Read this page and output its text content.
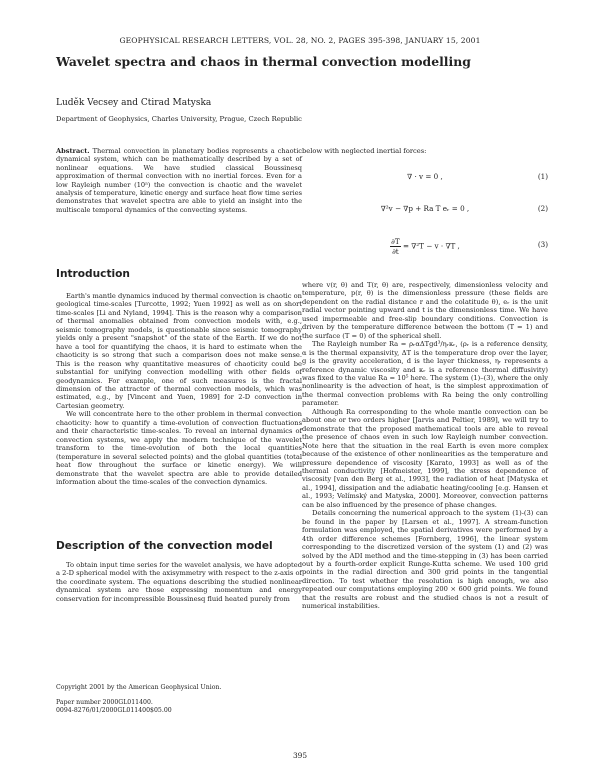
GEOPHYSICAL RESEARCH LETTERS, VOL. 28, NO. 2, PAGES 395-398, JANUARY 15, 2001
Wavelet spectra and chaos in thermal convection modelling
Luděk Vecsey and Ctirad Matyska
Department of Geophysics, Charles University, Prague, Czech Republic

Abstract. Thermal convection in planetary bodies represents a chaotic dynamical system, which can be mathematically described by a set of nonlinear equations. We have studied classical Boussinesq approximation of thermal convection with no inertial forces. Even for a low Rayleigh number (10⁵) the convection is chaotic and the wavelet analysis of temperature, kinetic energy and surface heat flow time series demonstrates that wavelet spectra are able to yield an insight into the multiscale temporal dynamics of the convecting systems.

Introduction

Earth's mantle dynamics induced by thermal convection is chaotic on geological time-scales [Turcotte, 1992; Yuen 1992] as well as on short time-scales [Li and Nyland, 1994]. This is the reason why a comparison of thermal anomalies obtained from convection models with, e.g., seismic tomography models, is questionable since seismic tomography yields only a present "snapshot" of the state of the Earth. If we do not have a tool for quantifying the chaos, it is hard to estimate when the chaoticity is so strong that such a comparison does not make sense. This is the reason why quantitative measures of chaoticity could be substantial for unifying convection modelling with other fields of geodynamics. For example, one of such measures is the fractal dimension of the attractor of thermal convection models, which was estimated, e.g., by [Vincent and Yuen, 1989] for 2-D convection in Cartesian geometry.

We will concentrate here to the other problem in thermal convection chaoticity: how to quantify a time-evolution of convection fluctuations and their characteristic time-scales. To reveal an internal dynamics of convection systems, we apply the modern technique of the wavelet transform to the time-evolution of both the local quantities (temperature in several selected points) and the global quantities (total heat flow throughout the surface or kinetic energy). We will demonstrate that the wavelet spectra are able to provide detailed information about the time-scales of the convection dynamics.

Description of the convection model

To obtain input time series for the wavelet analysis, we have adopted a 2-D spherical model with the axisymmetry with respect to the z-axis of the coordinate system. The equations describing the studied nonlinear dynamical system are those expressing momentum and energy conservation for incompressible Boussinesq fluid heated purely from

Copyright 2001 by the American Geophysical Union.
Paper number 2000GL011400.
0094-8276/01/2000GL011400$05.00
below with neglected inertial forces:
∇ · v = 0 ,	(1)
∇²v − ∇p + Ra T eᵣ = 0 ,	(2)
$\frac{\partial T}{\partial t} = \nabla^2T - v \cdot \nabla T$ ,	(3)

where v(r, θ) and T(r, θ) are, respectively, dimensionless velocity and temperature, p(r, θ) is the dimensionless pressure (these fields are dependent on the radial distance r and the colatitude θ), eᵣ is the unit radial vector pointing upward and t is the dimensionless time. We have used impermeable and free-slip boundary conditions. Convection is driven by the temperature difference between the bottom (T = 1) and the surface (T = 0) of the spherical shell.

The Rayleigh number Ra = ρᵣαΔTgd³/ηᵣκᵣ, (ρᵣ is a reference density, α is the thermal expansivity, ΔT is the temperature drop over the layer, g is the gravity acceleration, d is the layer thickness, ηᵣ represents a reference dynamic viscosity and κᵣ is a reference thermal diffusivity) was fixed to the value Ra = 10⁵ here. The system (1)–(3), where the only nonlinearity is the advection of heat, is the simplest approximation of the thermal convection problems with Ra being the only controlling parameter.

Although Ra corresponding to the whole mantle convection can be about one or two orders higher [Jarvis and Peltier, 1989], we will try to demonstrate that the proposed mathematical tools are able to reveal the presence of chaos even in such low Rayleigh number convection. Note here that the situation in the real Earth is even more complex because of the existence of other nonlinearities as the temperature and pressure dependence of viscosity [Karato, 1993] as well as of the thermal conductivity [Hofmeister, 1999], the stress dependence of viscosity [van den Berg et al., 1993], the radiation of heat [Matyska et al., 1994], dissipation and the adiabatic heating/cooling [e.g. Hansen et al., 1993; Velímský and Matyska, 2000]. Moreover, convection patterns can be also influenced by the presence of phase changes.

Details concerning the numerical approach to the system (1)-(3) can be found in the paper by [Larsen et al., 1997]. A stream-function formulation was employed, the spatial derivatives were performed by a 4th order difference schemes [Fornberg, 1996], the linear system corresponding to the discretized version of the system (1) and (2) was solved by the ADI method and the time-stepping in (3) has been carried out by a fourth-order explicit Runge-Kutta scheme. We used 100 grid points in the radial direction and 300 grid points in the tangential direction. To test whether the resolution is high enough, we also repeated our computations employing 200 × 600 grid points. We found that the results are robust and the studied chaos is not a result of numerical instabilities.

395
